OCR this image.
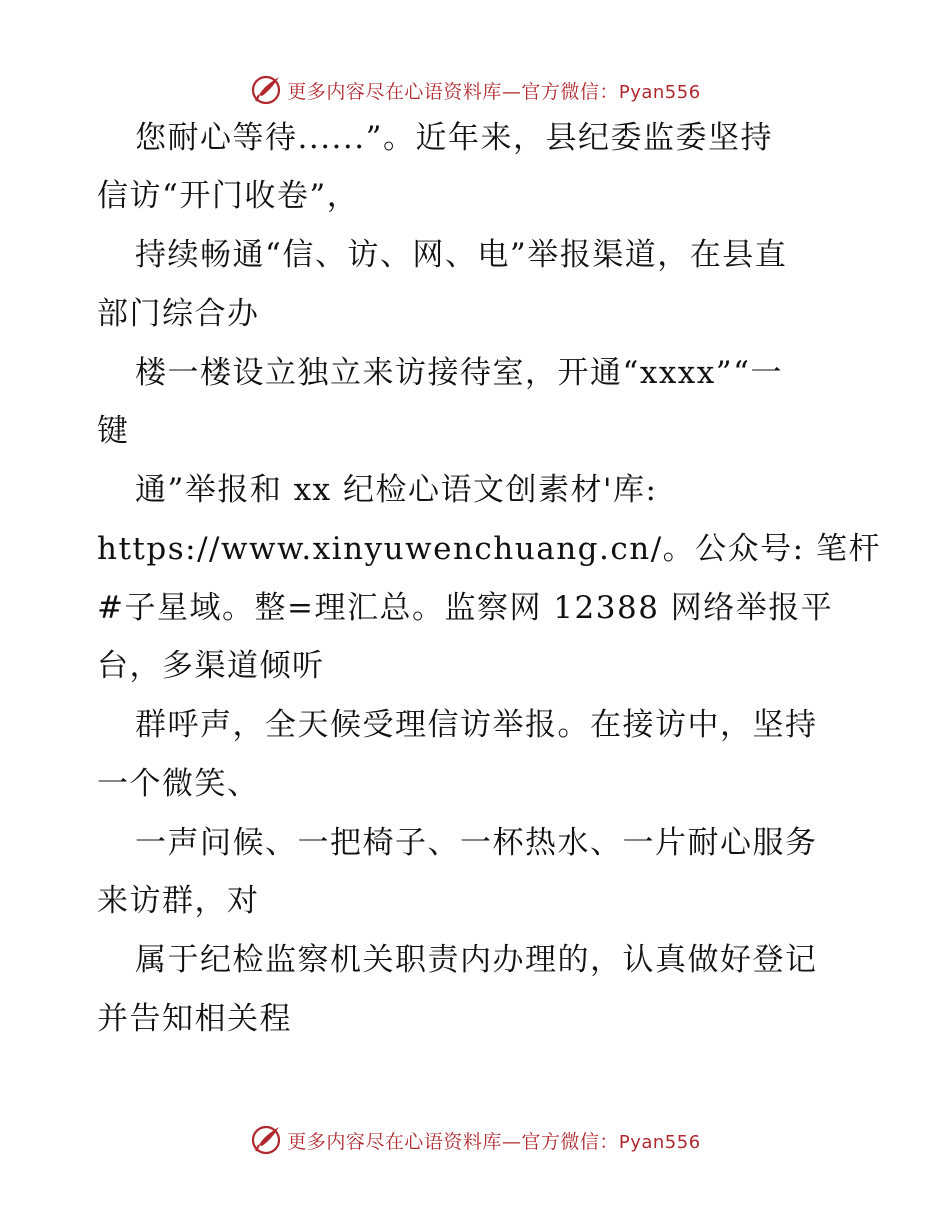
更多内容尽在心语资料库—官方微信：Pyan556
您耐心等待......”。近年来，县纪委监委坚持
信访“开门收卷”，
持续畅通“信、访、网、电”举报渠道，在县直
部门综合办
楼一楼设立独立来访接待室，开通“xxxx”“一
键
通”举报和 xx 纪检心语文创素材'库:
https://www.xinyuwenchuang.cn/。公众号: 笔杆
#子星域。整=理汇总。监察网 12388 网络举报平
台，多渠道倾听
群呼声，全天候受理信访举报。在接访中，坚持
一个微笑、
一声问候、一把椅子、一杯热水、一片耐心服务
来访群，对
属于纪检监察机关职责内办理的，认真做好登记
并告知相关程
更多内容尽在心语资料库—官方微信：Pyan556
